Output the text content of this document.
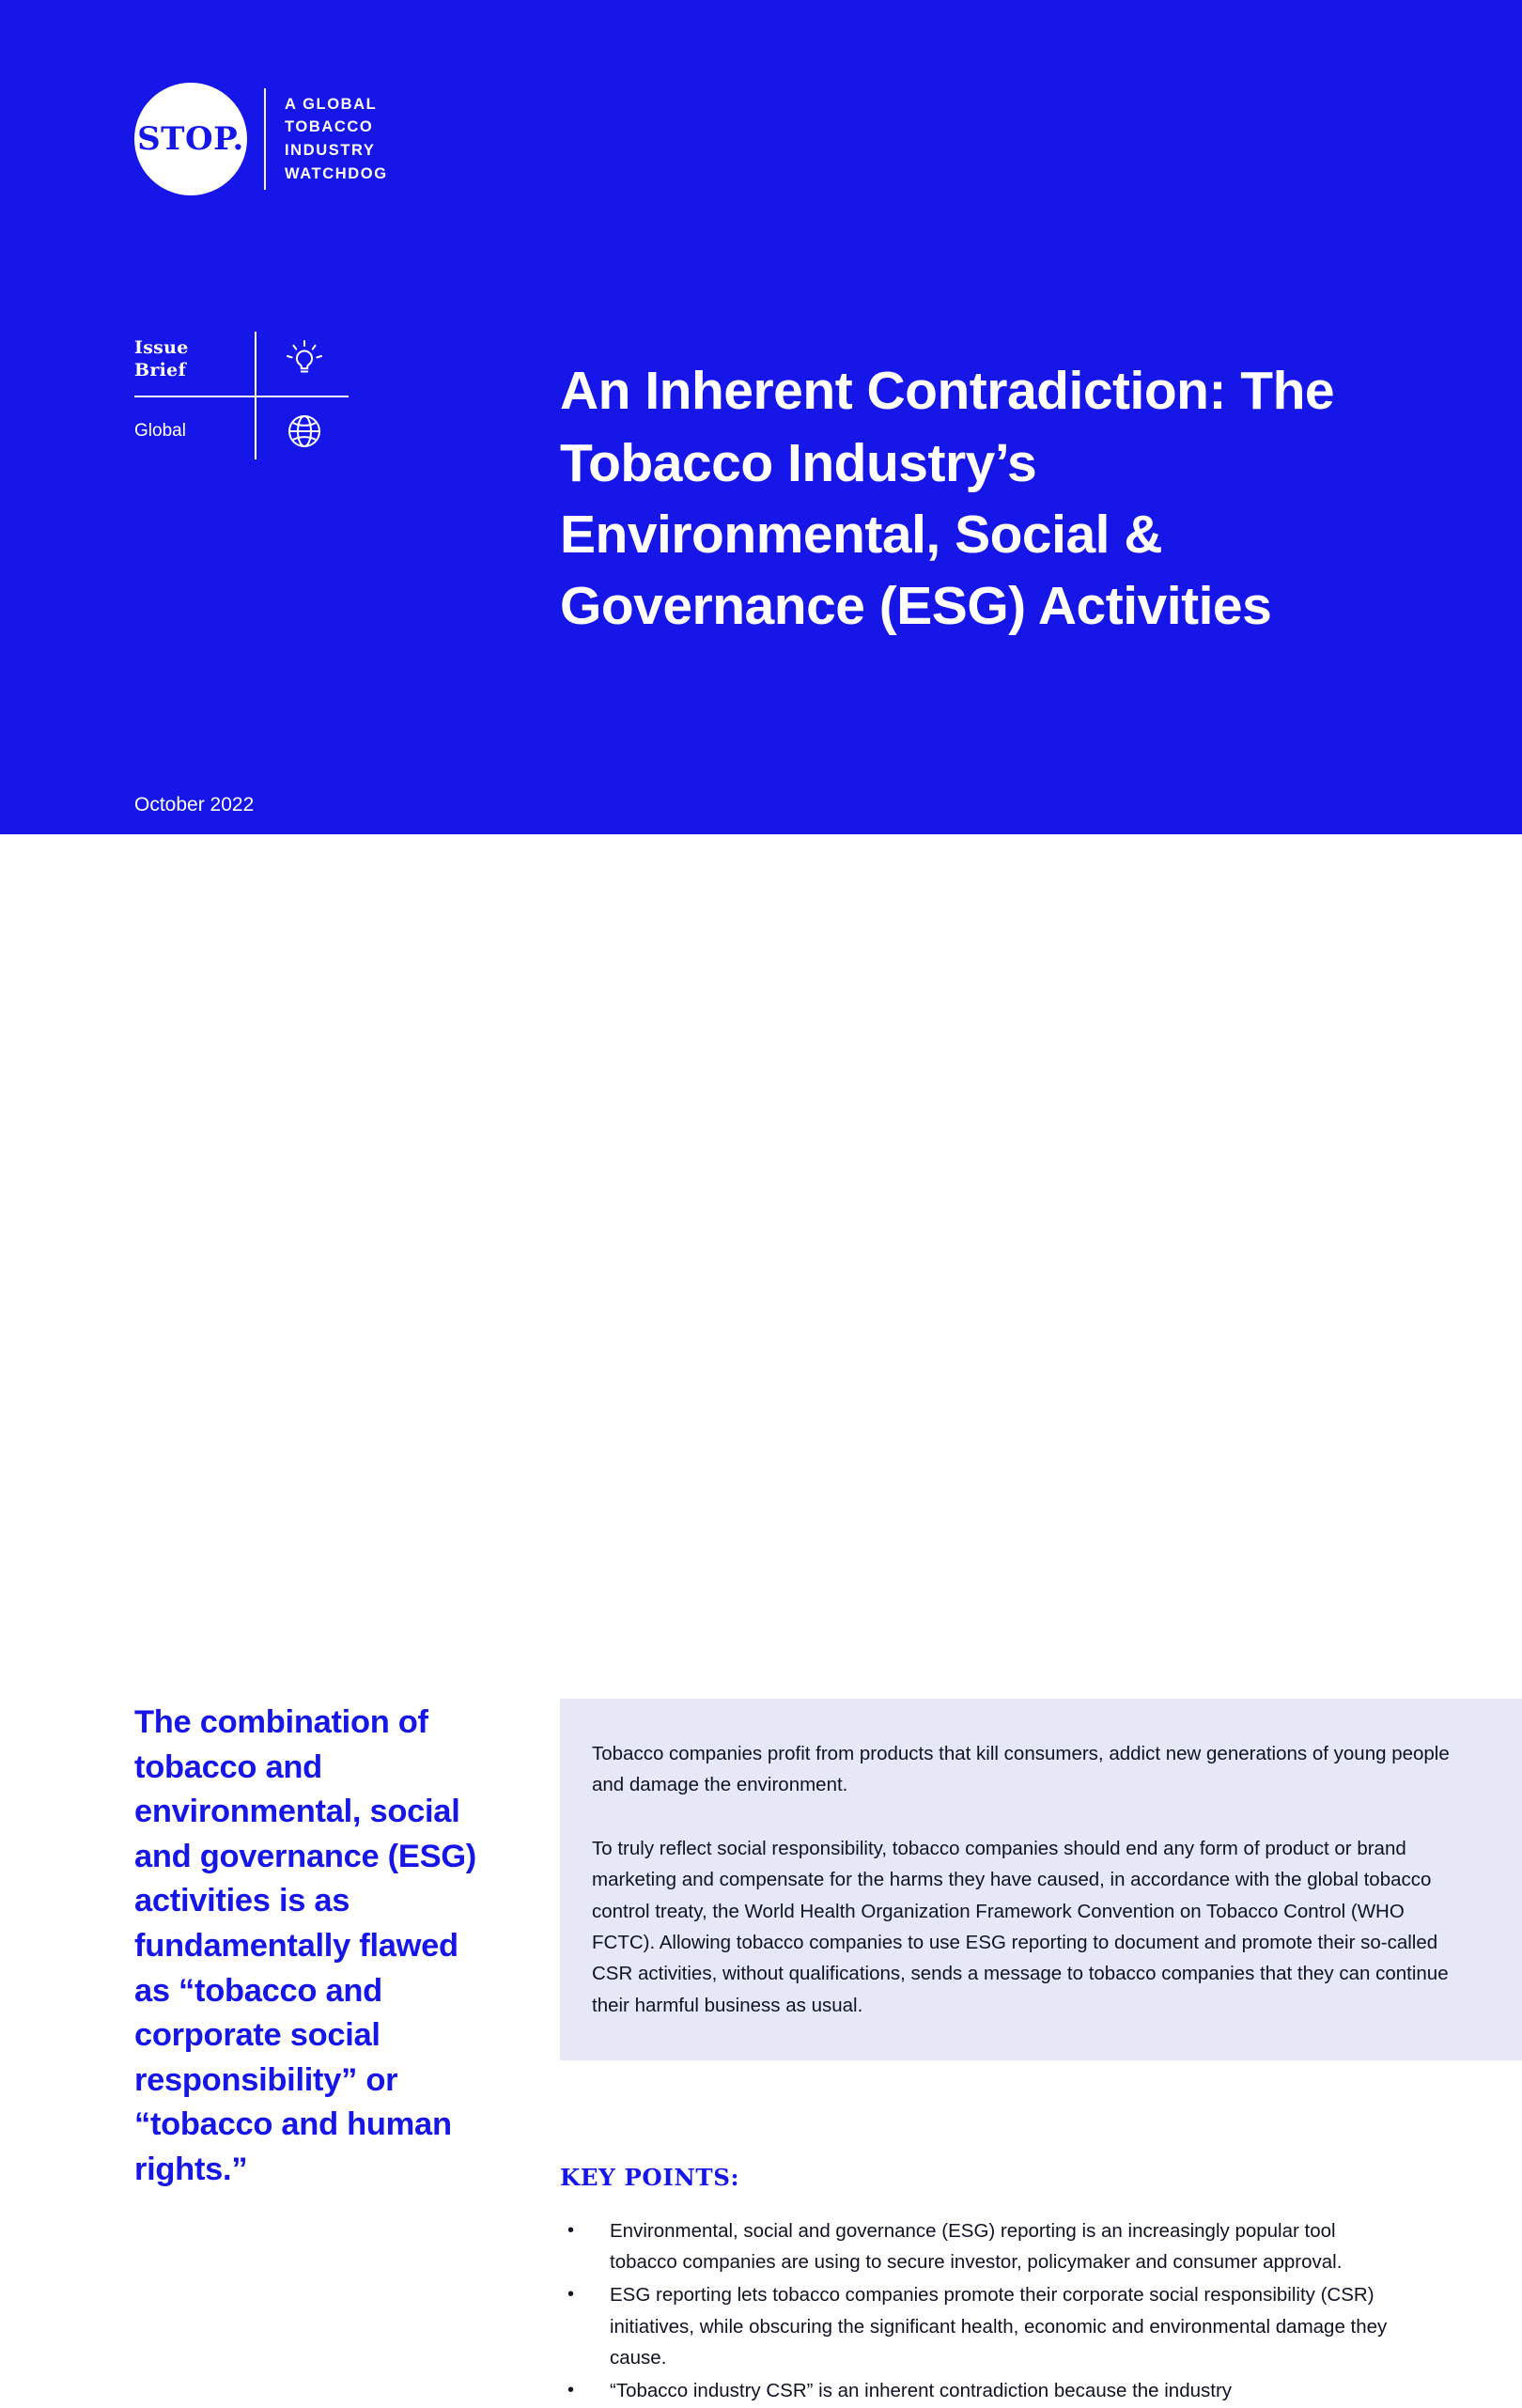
STOP.
A GLOBAL
TOBACCO
INDUSTRY
WATCHDOG
Issue
Brief
Global
An Inherent Contradiction: The Tobacco Industry’s Environmental, Social & Governance (ESG) Activities
October 2022
The combination of tobacco and environmental, social and governance (ESG) activities is as fundamentally flawed as “tobacco and corporate social responsibility” or “tobacco and human rights.”

Tobacco companies profit from products that kill consumers, addict new generations of young people and damage the environment.

To truly reflect social responsibility, tobacco companies should end any form of product or brand marketing and compensate for the harms they have caused, in accordance with the global tobacco control treaty, the World Health Organization Framework Convention on Tobacco Control (WHO FCTC). Allowing tobacco companies to use ESG reporting to document and promote their so-called CSR activities, without qualifications, sends a message to tobacco companies that they can continue their harmful business as usual.

KEY POINTS:
• Environmental, social and governance (ESG) reporting is an increasingly popular tool tobacco companies are using to secure investor, policymaker and consumer approval.
• ESG reporting lets tobacco companies promote their corporate social responsibility (CSR) initiatives, while obscuring the significant health, economic and environmental damage they cause.
• “Tobacco industry CSR” is an inherent contradiction because the industry
